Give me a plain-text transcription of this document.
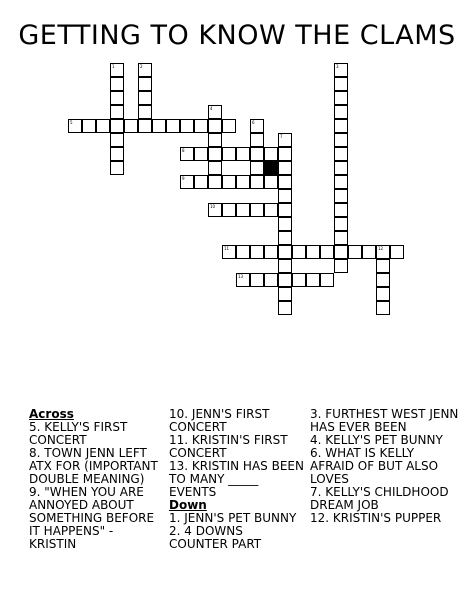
GETTING TO KNOW THE CLAMS
1	2	3
5
4
6
8
7
9
10
11	12
13
Across
5. KELLY'S FIRST CONCERT
8. TOWN JENN LEFT ATX FOR (IMPORTANT DOUBLE MEANING)
9. "WHEN YOU ARE ANNOYED ABOUT SOMETHING BEFORE IT HAPPENS" -KRISTIN
10. JENN'S FIRST CONCERT
11. KRISTIN'S FIRST CONCERT
13. KRISTIN HAS BEEN TO MANY _____ EVENTS
Down
1. JENN'S PET BUNNY
2. 4 DOWNS COUNTER PART
3. FURTHEST WEST JENN HAS EVER BEEN
4. KELLY'S PET BUNNY
6. WHAT IS KELLY AFRAID OF BUT ALSO LOVES
7. KELLY'S CHILDHOOD DREAM JOB
12. KRISTIN'S PUPPER
